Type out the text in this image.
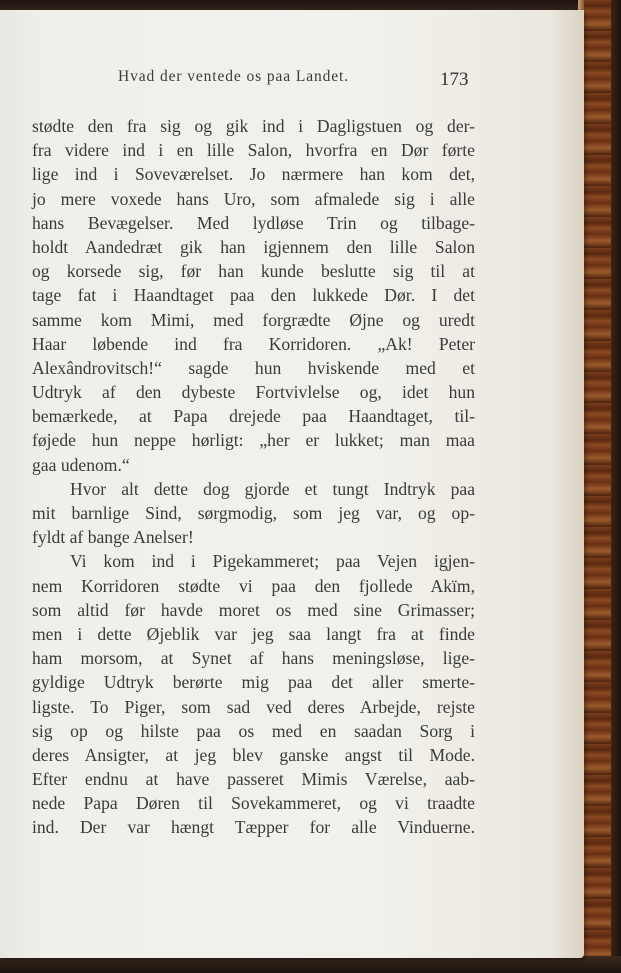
Hvad der ventede os paa Landet.	173
stødte den fra sig og gik ind i Dagligstuen og der-
fra videre ind i en lille Salon, hvorfra en Dør førte
lige ind i Soveværelset. Jo nærmere han kom det,
jo mere voxede hans Uro, som afmalede sig i alle
hans Bevægelser. Med lydløse Trin og tilbage-
holdt Aandedræt gik han igjennem den lille Salon
og korsede sig, før han kunde beslutte sig til at
tage fat i Haandtaget paa den lukkede Dør. I det
samme kom Mimi, med forgrædte Øjne og uredt
Haar løbende ind fra Korridoren. „Ak! Peter
Alexândrovitsch!“ sagde hun hviskende med et
Udtryk af den dybeste Fortvivlelse og, idet hun
bemærkede, at Papa drejede paa Haandtaget, til-
føjede hun neppe hørligt: „her er lukket; man maa
gaa udenom.“
Hvor alt dette dog gjorde et tungt Indtryk paa
mit barnlige Sind, sørgmodig, som jeg var, og op-
fyldt af bange Anelser!
Vi kom ind i Pigekammeret; paa Vejen igjen-
nem Korridoren stødte vi paa den fjollede Akïm,
som altid før havde moret os med sine Grimasser;
men i dette Øjeblik var jeg saa langt fra at finde
ham morsom, at Synet af hans meningsløse, lige-
gyldige Udtryk berørte mig paa det aller smerte-
ligste. To Piger, som sad ved deres Arbejde, rejste
sig op og hilste paa os med en saadan Sorg i
deres Ansigter, at jeg blev ganske angst til Mode.
Efter endnu at have passeret Mimis Værelse, aab-
nede Papa Døren til Sovekammeret, og vi traadte
ind. Der var hængt Tæpper for alle Vinduerne.
